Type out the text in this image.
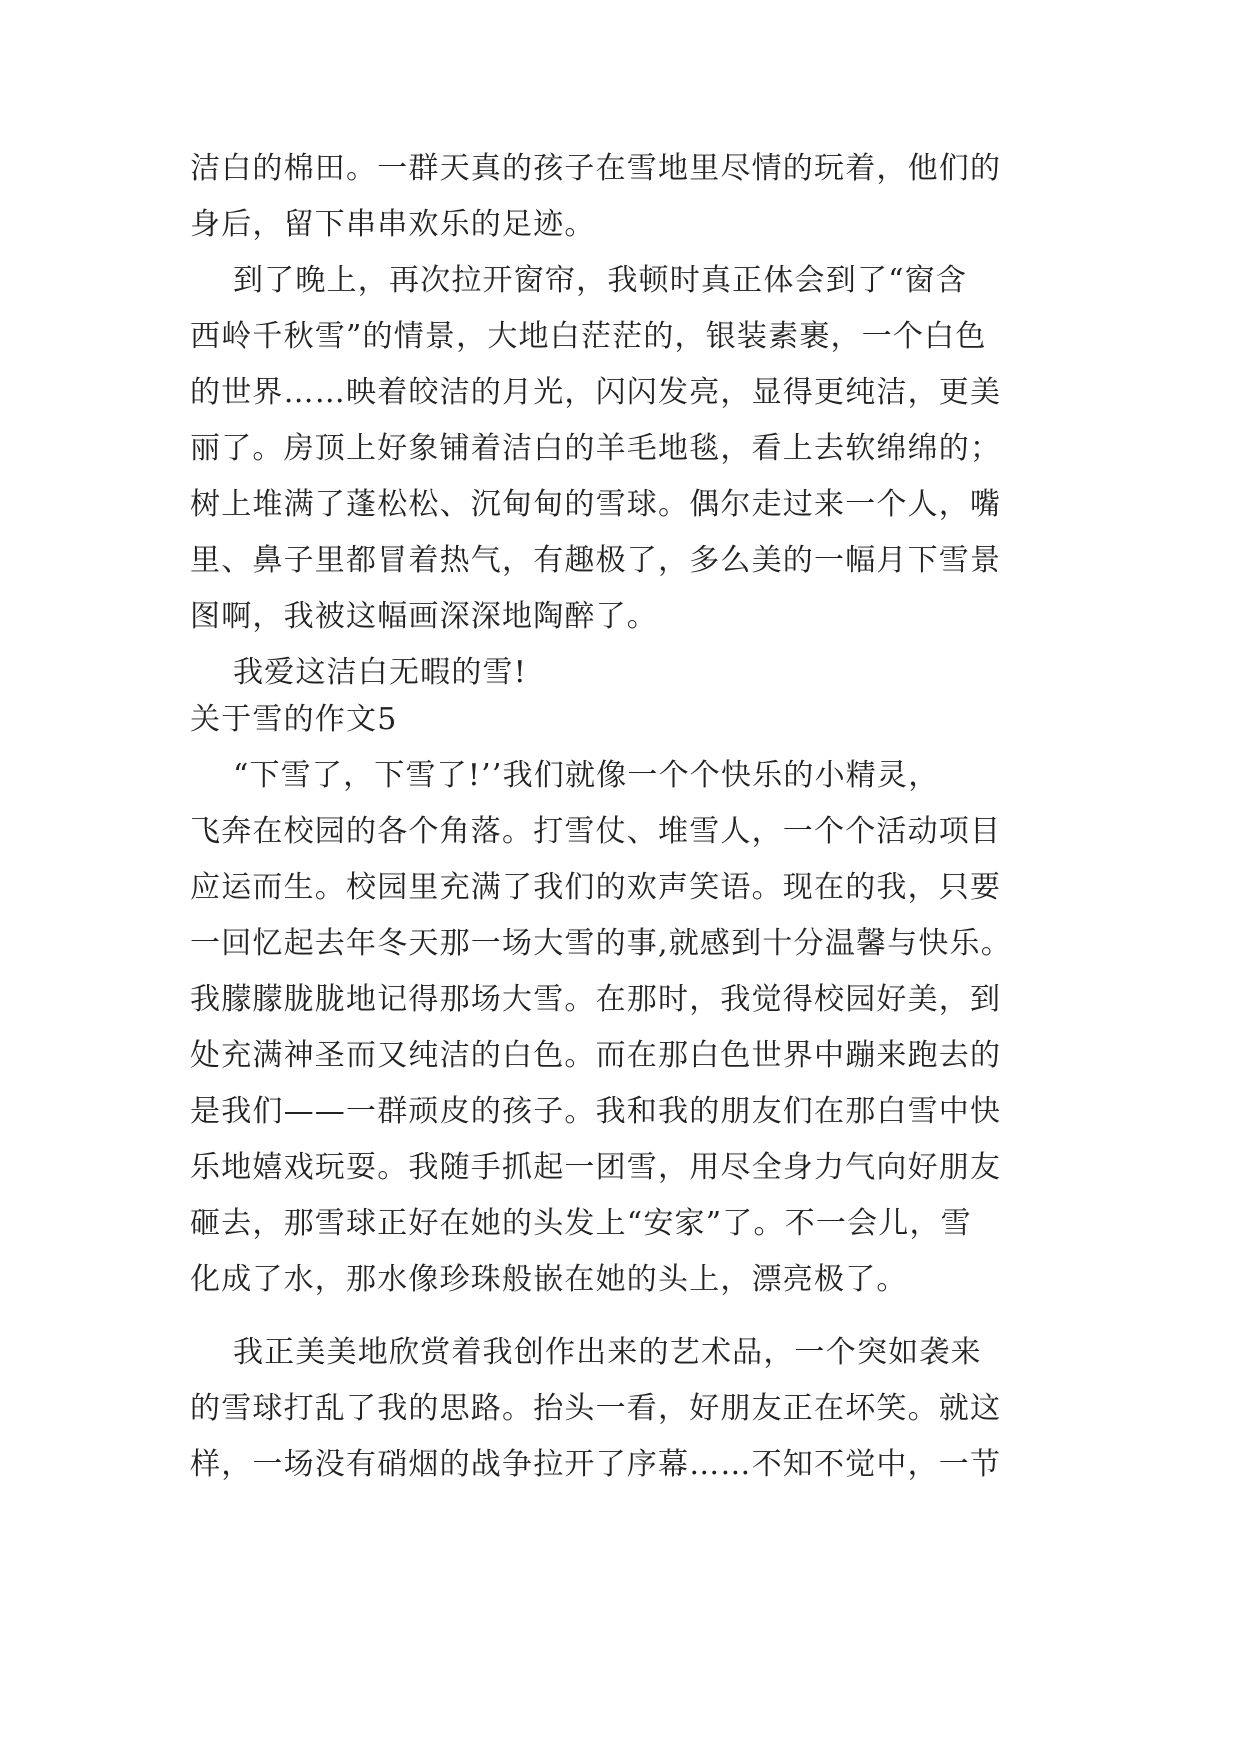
洁白的棉田。一群天真的孩子在雪地里尽情的玩着，他们的
身后，留下串串欢乐的足迹。
到了晚上，再次拉开窗帘，我顿时真正体会到了“窗含
西岭千秋雪”的情景，大地白茫茫的，银装素裹，一个白色
的世界……映着皎洁的月光，闪闪发亮，显得更纯洁，更美
丽了。房顶上好象铺着洁白的羊毛地毯，看上去软绵绵的；
树上堆满了蓬松松、沉甸甸的雪球。偶尔走过来一个人，嘴
里、鼻子里都冒着热气，有趣极了，多么美的一幅月下雪景
图啊，我被这幅画深深地陶醉了。
我爱这洁白无暇的雪!
关于雪的作文5
“下雪了，下雪了!’’我们就像一个个快乐的小精灵，
飞奔在校园的各个角落。打雪仗、堆雪人，一个个活动项目
应运而生。校园里充满了我们的欢声笑语。现在的我，只要
一回忆起去年冬天那一场大雪的事,就感到十分温馨与快乐。
我朦朦胧胧地记得那场大雪。在那时，我觉得校园好美，到
处充满神圣而又纯洁的白色。而在那白色世界中蹦来跑去的
是我们——一群顽皮的孩子。我和我的朋友们在那白雪中快
乐地嬉戏玩耍。我随手抓起一团雪，用尽全身力气向好朋友
砸去，那雪球正好在她的头发上“安家”了。不一会儿，雪
化成了水，那水像珍珠般嵌在她的头上，漂亮极了。
我正美美地欣赏着我创作出来的艺术品，一个突如袭来
的雪球打乱了我的思路。抬头一看，好朋友正在坏笑。就这
样，一场没有硝烟的战争拉开了序幕……不知不觉中，一节
